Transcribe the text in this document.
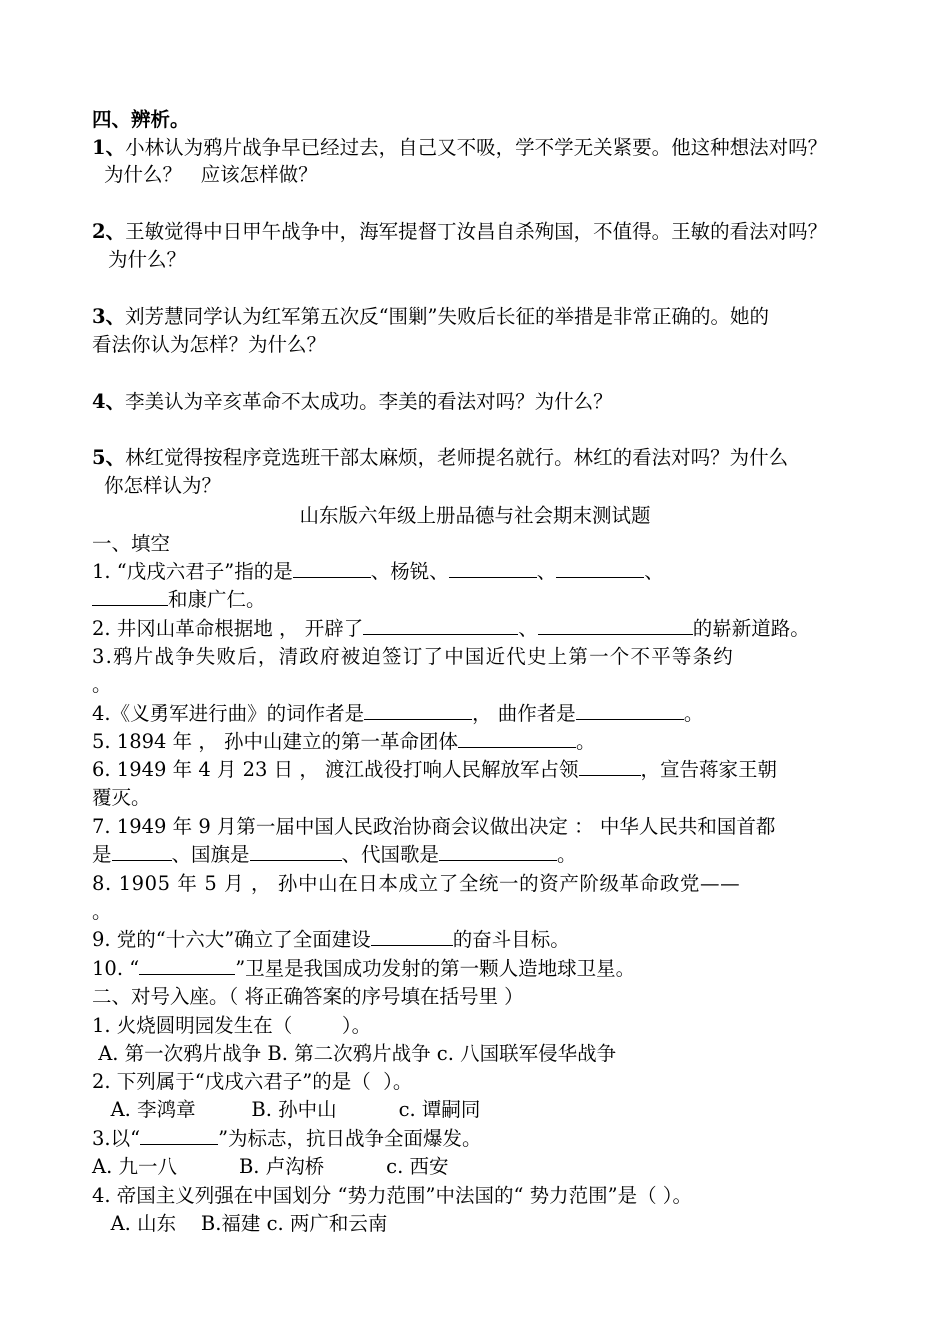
四、辨析。
1、小林认为鸦片战争早已经过去，自己又不吸，学不学无关紧要。他这种想法对吗？
为什么？   应该怎样做？
2、王敏觉得中日甲午战争中，海军提督丁汝昌自杀殉国，不值得。王敏的看法对吗？
为什么？
3、刘芳慧同学认为红军第五次反“围剿”失败后长征的举措是非常正确的。她的
看法你认为怎样？为什么？
4、李美认为辛亥革命不太成功。李美的看法对吗？为什么？
5、林红觉得按程序竞选班干部太麻烦，老师提名就行。林红的看法对吗？为什么
你怎样认为？
山东版六年级上册品德与社会期末测试题
一、填空
1. “戊戌六君子”指的是	、杨锐、	、	、
和康广仁。
2. 井冈山革命根据地 ， 开辟了	、	的崭新道路。
3.鸦片战争失败后，清政府被迫签订了中国近代史上第一个不平等条约
。
4.《义勇军进行曲》的词作者是	， 曲作者是	。
5. 1894 年 ， 孙中山建立的第一革命团体	。
6. 1949 年 4 月 23 日 ， 渡江战役打响人民解放军占领	，宣告蒋家王朝
覆灭。
7. 1949 年 9 月第一届中国人民政治协商会议做出决定 ： 中华人民共和国首都
是	、国旗是	、代国歌是	。
8. 1905 年 5 月 ， 孙中山在日本成立了全统一的资产阶级革命政党——
。
9. 党的“十六大”确立了全面建设	的奋斗目标。
10. “	”卫星是我国成功发射的第一颗人造地球卫星。
二、对号入座。（ 将正确答案的序号填在括号里 ）
1. 火烧圆明园发生在（        ）。
A. 第一次鸦片战争 B. 第二次鸦片战争 c. 八国联军侵华战争
2. 下列属于“戊戌六君子”的是（  ）。
A. 李鸿章         B. 孙中山          c. 谭嗣同
3.以“	”为标志，抗日战争全面爆发。
A. 九一八          B. 卢沟桥          c. 西安
4. 帝国主义列强在中国划分 “势力范围”中法国的“ 势力范围”是（ ）。
A. 山东    B.福建 c. 两广和云南
